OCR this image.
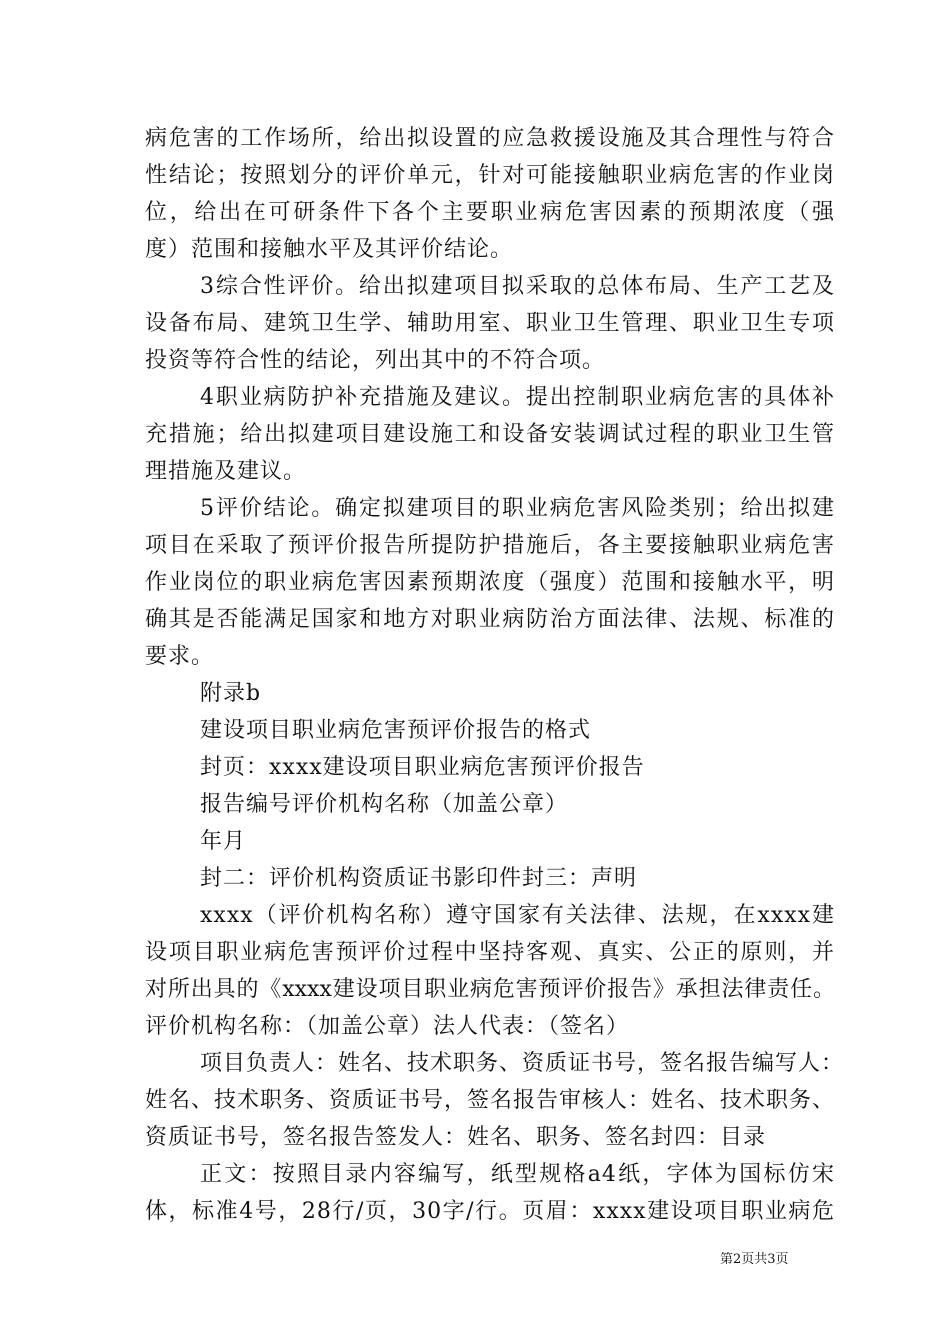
病危害的工作场所，给出拟设置的应急救援设施及其合理性与符合
性结论；按照划分的评价单元，针对可能接触职业病危害的作业岗
位，给出在可研条件下各个主要职业病危害因素的预期浓度（强
度）范围和接触水平及其评价结论。
3综合性评价。给出拟建项目拟采取的总体布局、生产工艺及
设备布局、建筑卫生学、辅助用室、职业卫生管理、职业卫生专项
投资等符合性的结论，列出其中的不符合项。
4职业病防护补充措施及建议。提出控制职业病危害的具体补
充措施；给出拟建项目建设施工和设备安装调试过程的职业卫生管
理措施及建议。
5评价结论。确定拟建项目的职业病危害风险类别；给出拟建
项目在采取了预评价报告所提防护措施后，各主要接触职业病危害
作业岗位的职业病危害因素预期浓度（强度）范围和接触水平，明
确其是否能满足国家和地方对职业病防治方面法律、法规、标准的
要求。
附录b
建设项目职业病危害预评价报告的格式
封页：xxxx建设项目职业病危害预评价报告
报告编号评价机构名称（加盖公章）
年月
封二：评价机构资质证书影印件封三：声明
xxxx（评价机构名称）遵守国家有关法律、法规，在xxxx建
设项目职业病危害预评价过程中坚持客观、真实、公正的原则，并
对所出具的《xxxx建设项目职业病危害预评价报告》承担法律责任。
评价机构名称：（加盖公章）法人代表：（签名）
项目负责人：姓名、技术职务、资质证书号，签名报告编写人：
姓名、技术职务、资质证书号，签名报告审核人：姓名、技术职务、
资质证书号，签名报告签发人：姓名、职务、签名封四：目录
正文：按照目录内容编写，纸型规格a4纸，字体为国标仿宋
体，标准4号，28行/页，30字/行。页眉：xxxx建设项目职业病危
第2页共3页
